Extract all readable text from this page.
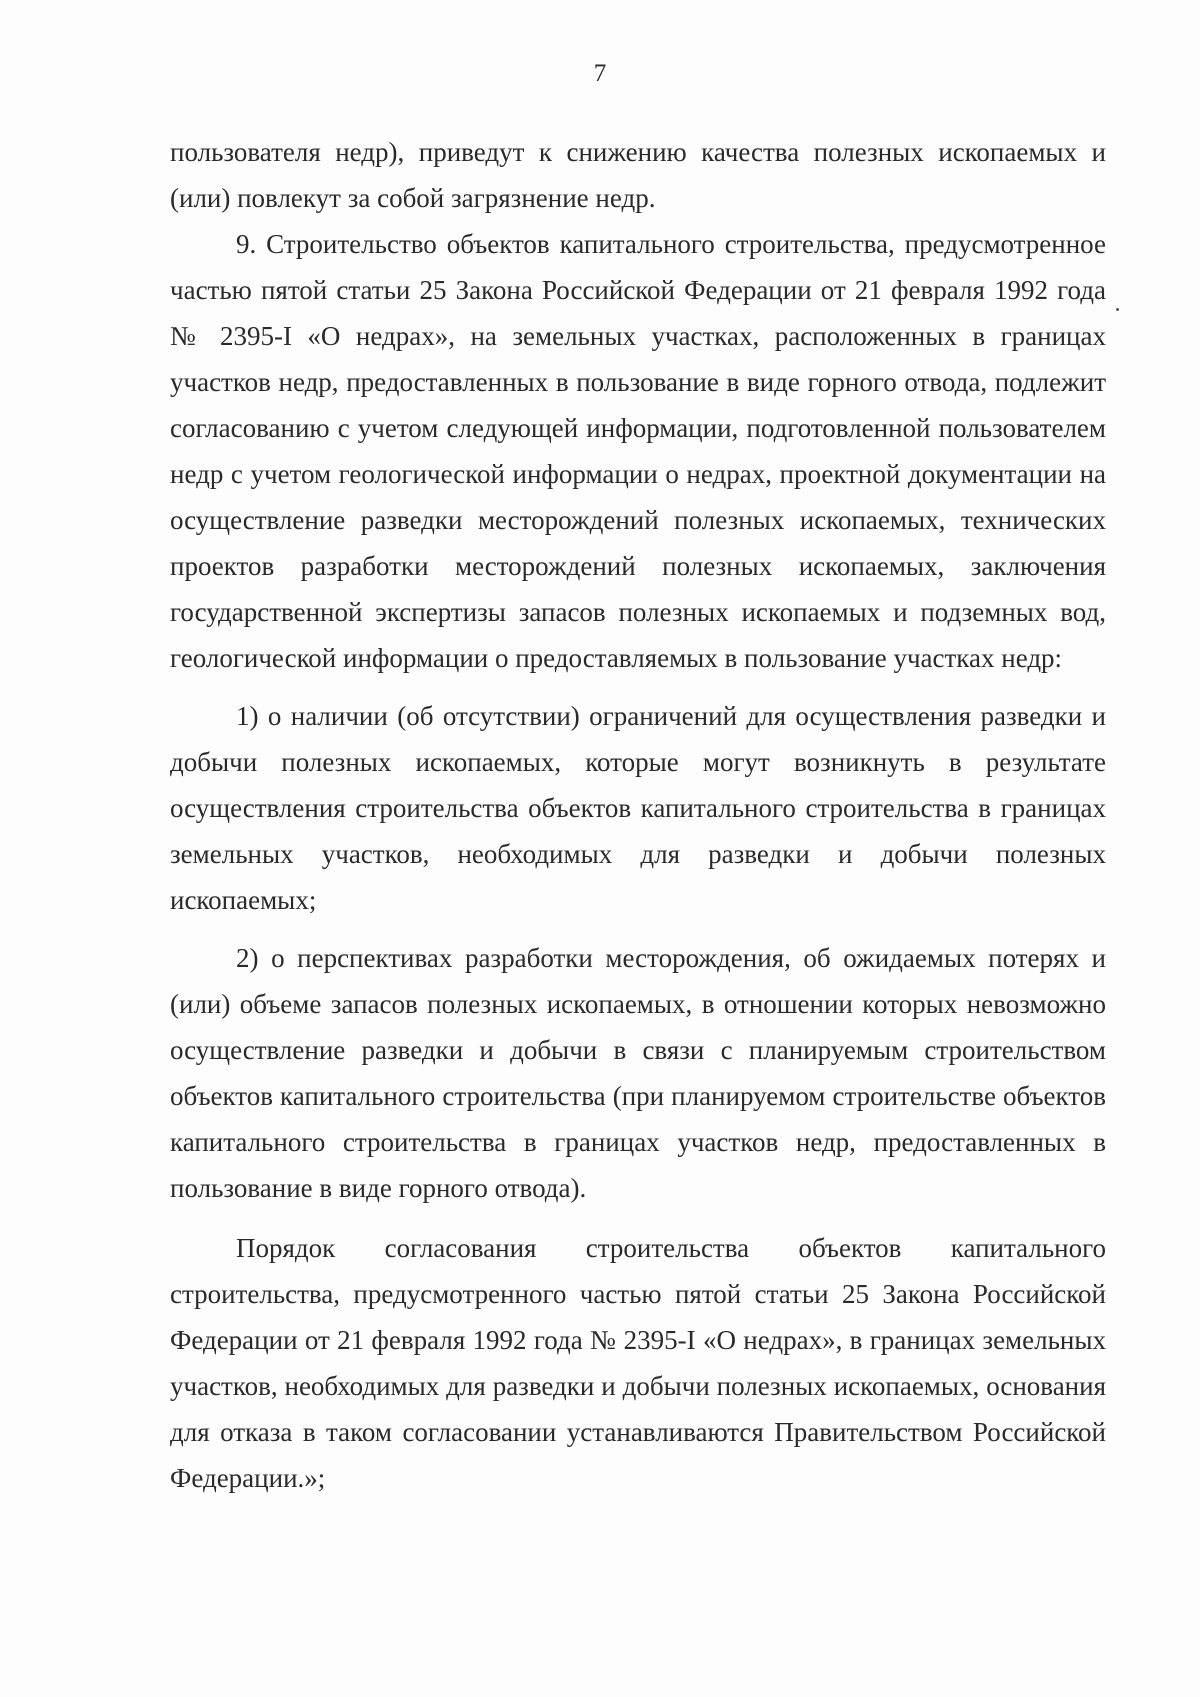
7

пользователя недр), приведут к снижению качества полезных ископаемых и (или) повлекут за собой загрязнение недр.

9. Строительство объектов капитального строительства, предусмотренное частью пятой статьи 25 Закона Российской Федерации от 21 февраля 1992 года № 2395-I «О недрах», на земельных участках, расположенных в границах участков недр, предоставленных в пользование в виде горного отвода, подлежит согласованию с учетом следующей информации, подготовленной пользователем недр с учетом геологической информации о недрах, проектной документации на осуществление разведки месторождений полезных ископаемых, технических проектов разработки месторождений полезных ископаемых, заключения государственной экспертизы запасов полезных ископаемых и подземных вод, геологической информации о предоставляемых в пользование участках недр:

1) о наличии (об отсутствии) ограничений для осуществления разведки и добычи полезных ископаемых, которые могут возникнуть в результате осуществления строительства объектов капитального строительства в границах земельных участков, необходимых для разведки и добычи полезных ископаемых;

2) о перспективах разработки месторождения, об ожидаемых потерях и (или) объеме запасов полезных ископаемых, в отношении которых невозможно осуществление разведки и добычи в связи с планируемым строительством объектов капитального строительства (при планируемом строительстве объектов капитального строительства в границах участков недр, предоставленных в пользование в виде горного отвода).

Порядок согласования строительства объектов капитального строительства, предусмотренного частью пятой статьи 25 Закона Российской Федерации от 21 февраля 1992 года № 2395-I «О недрах», в границах земельных участков, необходимых для разведки и добычи полезных ископаемых, основания для отказа в таком согласовании устанавливаются Правительством Российской Федерации.»;
